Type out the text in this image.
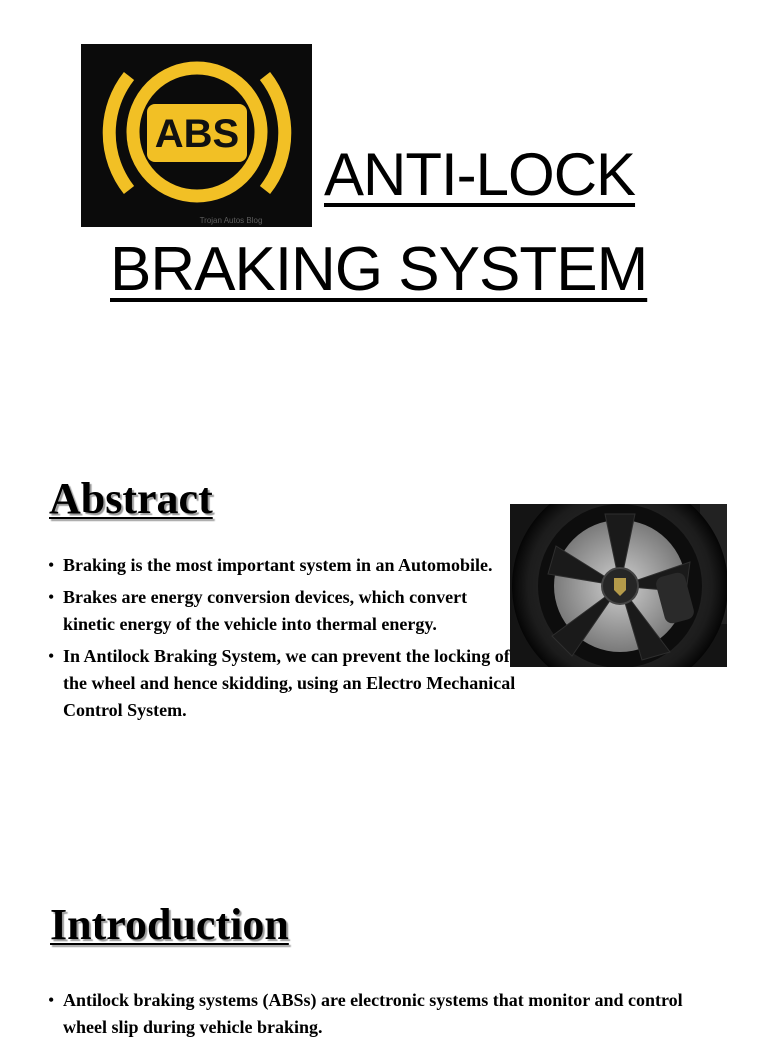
ABS
Trojan Autos Blog
ANTI-LOCK
BRAKING SYSTEM
Abstract
• Braking is the most important system in an Automobile.
• Brakes are energy conversion devices, which convert kinetic energy of the vehicle into thermal energy.
• In Antilock Braking System, we can prevent the locking of the wheel and hence skidding, using an Electro Mechanical Control System.
Introduction
• Antilock braking systems (ABSs) are electronic systems that monitor and control wheel slip during vehicle braking.
